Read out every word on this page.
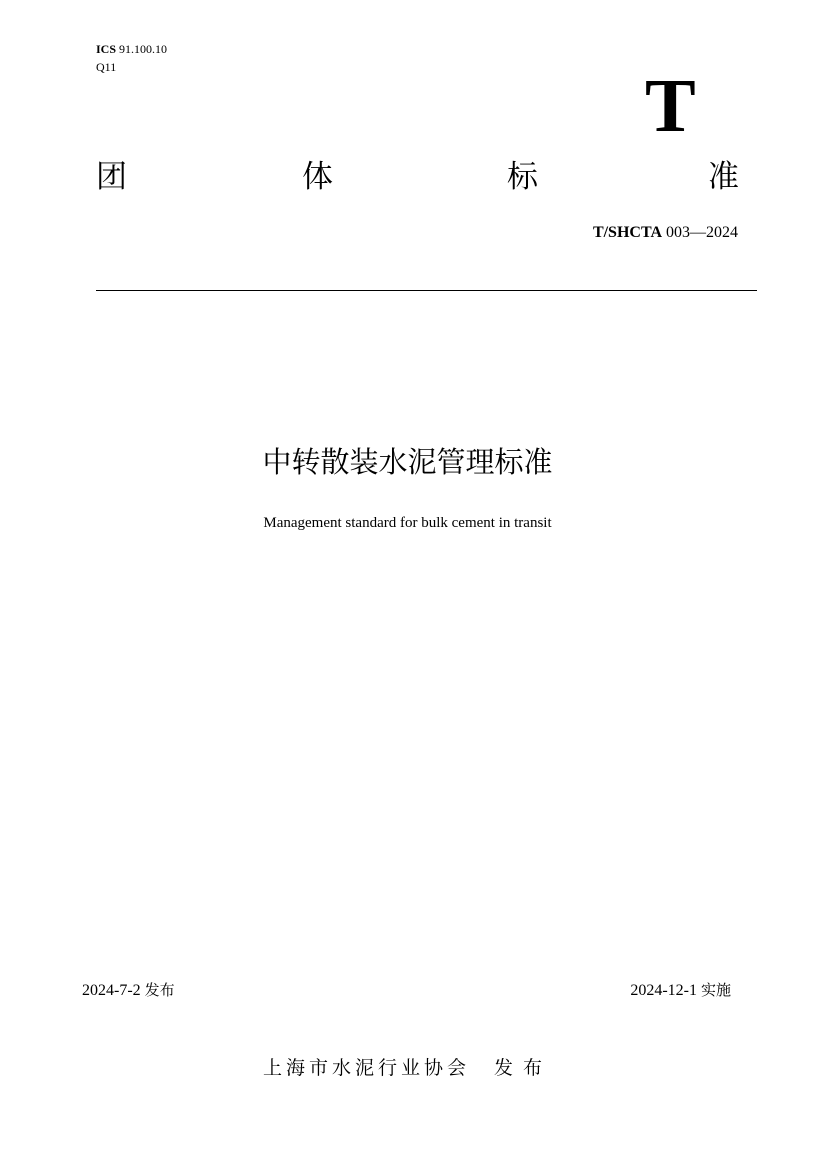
ICS 91.100.10
Q11	T
团	体	标	准
T/SHCTA 003—2024
中转散装水泥管理标准
Management standard for bulk cement in transit
2024-7-2 发布	2024-12-1 实施
上海市水泥行业协会 发布
